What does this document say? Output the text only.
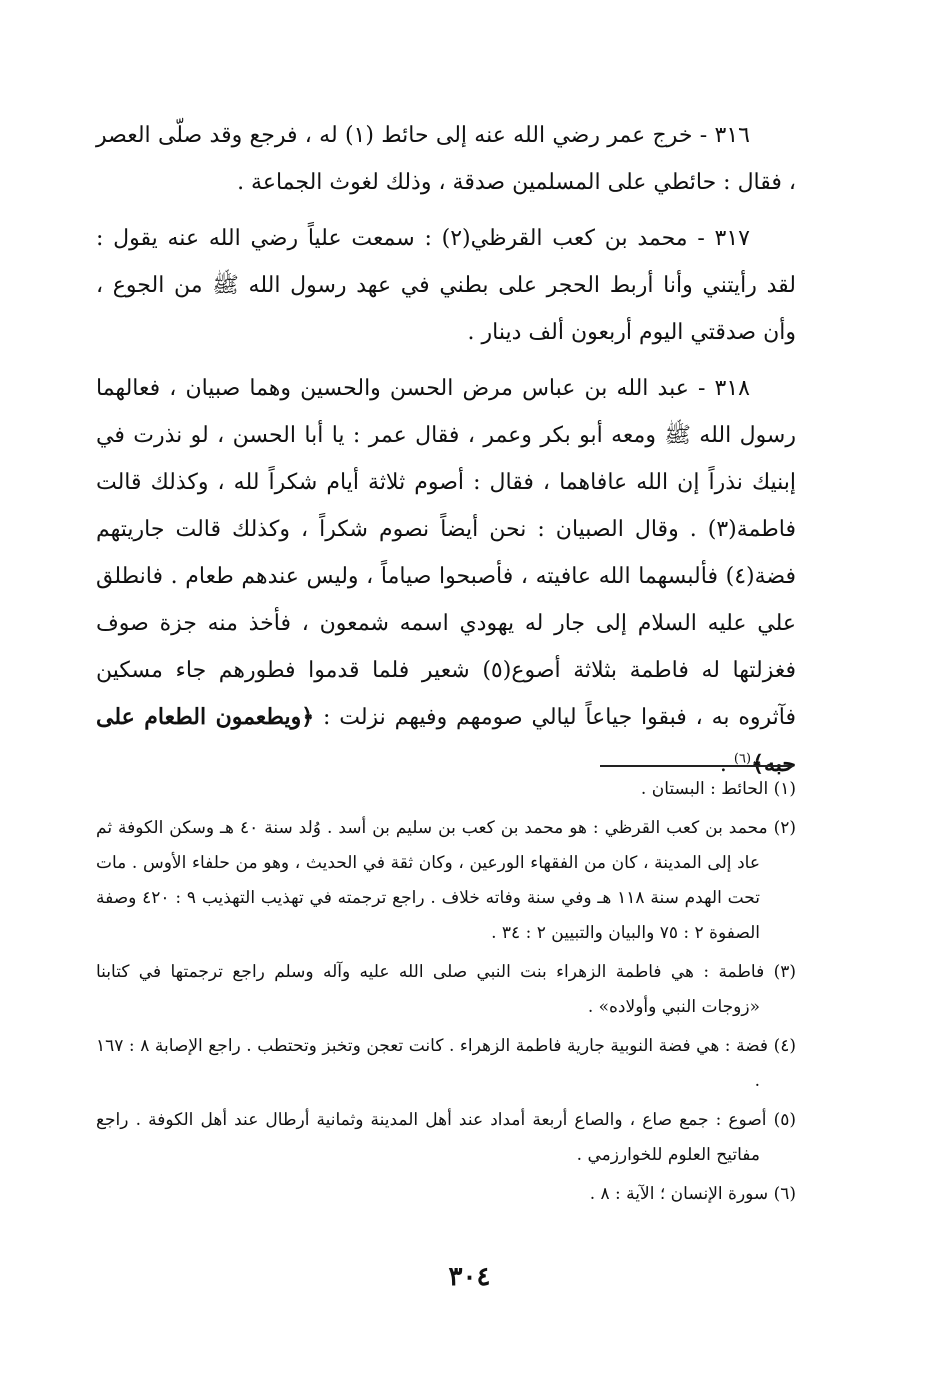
٣١٦ - خرج عمر رضي الله عنه إلى حائط (١) له ، فرجع وقد صلّى العصر ، فقال : حائطي على المسلمين صدقة ، وذلك لغوث الجماعة .

٣١٧ - محمد بن كعب القرظي(٢) : سمعت علياً رضي الله عنه يقول : لقد رأيتني وأنا أربط الحجر على بطني في عهد رسول الله ﷺ من الجوع ، وأن صدقتي اليوم أربعون ألف دينار .

٣١٨ - عبد الله بن عباس مرض الحسن والحسين وهما صبيان ، فعالهما رسول الله ﷺ ومعه أبو بكر وعمر ، فقال عمر : يا أبا الحسن ، لو نذرت في إبنيك نذراً إن الله عافاهما ، فقال : أصوم ثلاثة أيام شكراً لله ، وكذلك قالت فاطمة(٣) . وقال الصبيان : نحن أيضاً نصوم شكراً ، وكذلك قالت جاريتهم فضة(٤) فألبسهما الله عافيته ، فأصبحوا صياماً ، وليس عندهم طعام . فانطلق علي عليه السلام إلى جار له يهودي اسمه شمعون ، فأخذ منه جزة صوف فغزلتها له فاطمة بثلاثة أصوع(٥) شعير فلما قدموا فطورهم جاء مسكين فآثروه به ، فبقوا جياعاً ليالي صومهم وفيهم نزلت : ﴿ويطعمون الطعام على حبه﴾$^{(٦)}$ .

(١) الحائط : البستان .
(٢) محمد بن كعب القرظي : هو محمد بن كعب بن سليم بن أسد . وُلد سنة ٤٠ هـ وسكن الكوفة ثم عاد إلى المدينة ، كان من الفقهاء الورعين ، وكان ثقة في الحديث ، وهو من حلفاء الأوس . مات تحت الهدم سنة ١١٨ هـ وفي سنة وفاته خلاف . راجع ترجمته في تهذيب التهذيب ٩ : ٤٢٠ وصفة الصفوة ٢ : ٧٥ والبيان والتبيين ٢ : ٣٤ .
(٣) فاطمة : هي فاطمة الزهراء بنت النبي صلى الله عليه وآله وسلم راجع ترجمتها في كتابنا «زوجات النبي وأولاده» .
(٤) فضة : هي فضة النوبية جارية فاطمة الزهراء . كانت تعجن وتخبز وتحتطب . راجع الإصابة ٨ : ١٦٧ .
(٥) أصوع : جمع صاع ، والصاع أربعة أمداد عند أهل المدينة وثمانية أرطال عند أهل الكوفة . راجع مفاتيح العلوم للخوارزمي .
(٦) سورة الإنسان ؛ الآية : ٨ .
٣٠٤
